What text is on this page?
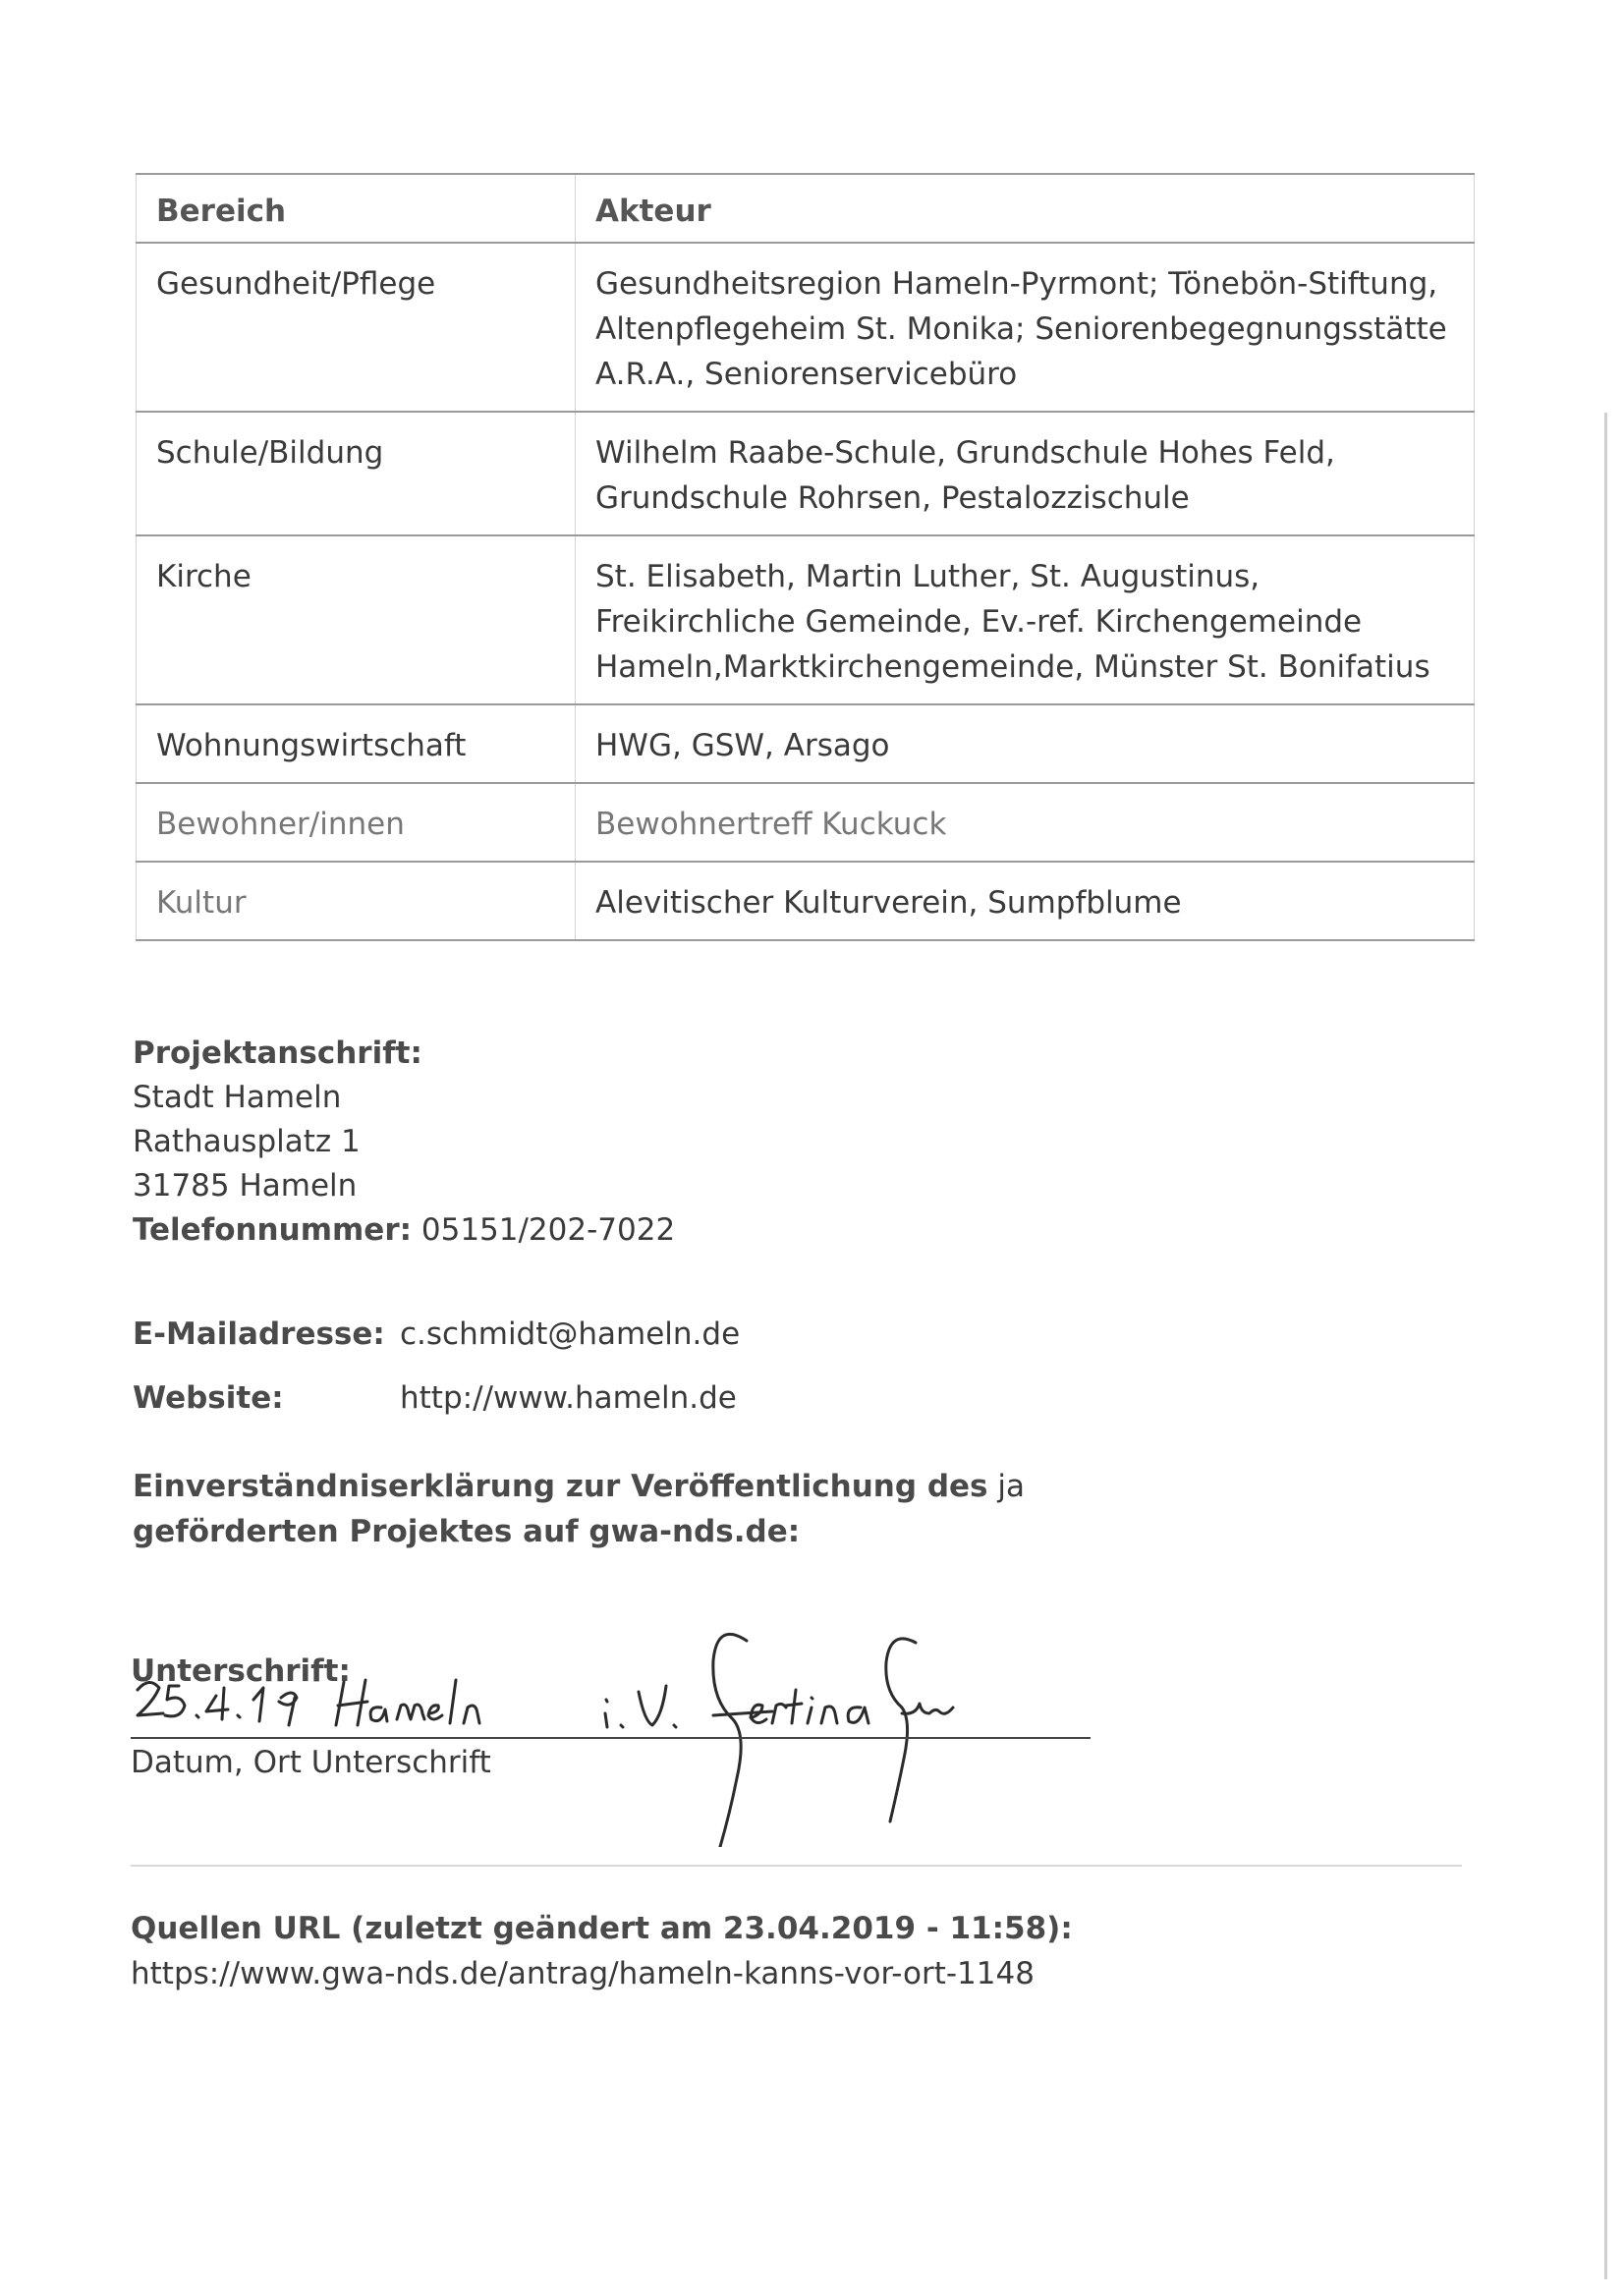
Bereich	Akteur
Gesundheit/Pflege	Gesundheitsregion Hameln-Pyrmont; Tönebön-Stiftung, Altenpflegeheim St. Monika; Seniorenbegegnungsstätte A.R.A., Seniorenservicebüro
Schule/Bildung	Wilhelm Raabe-Schule, Grundschule Hohes Feld, Grundschule Rohrsen, Pestalozzischule
Kirche	St. Elisabeth, Martin Luther, St. Augustinus, Freikirchliche Gemeinde, Ev.-ref. Kirchengemeinde Hameln,Marktkirchengemeinde, Münster St. Bonifatius
Wohnungswirtschaft	HWG, GSW, Arsago
Bewohner/innen	Bewohnertreff Kuckuck
Kultur	Alevitischer Kulturverein, Sumpfblume
Projektanschrift:
Stadt Hameln
Rathausplatz 1
31785 Hameln
Telefonnummer: 05151/202-7022
E-Mailadresse: c.schmidt@hameln.de
Website:	http://www.hameln.de
Einverständniserklärung zur Veröffentlichung des ja
geförderten Projektes auf gwa-nds.de:
Unterschrift:
Datum, Ort Unterschrift
Quellen URL (zuletzt geändert am 23.04.2019 - 11:58):
https://www.gwa-nds.de/antrag/hameln-kanns-vor-ort-1148
